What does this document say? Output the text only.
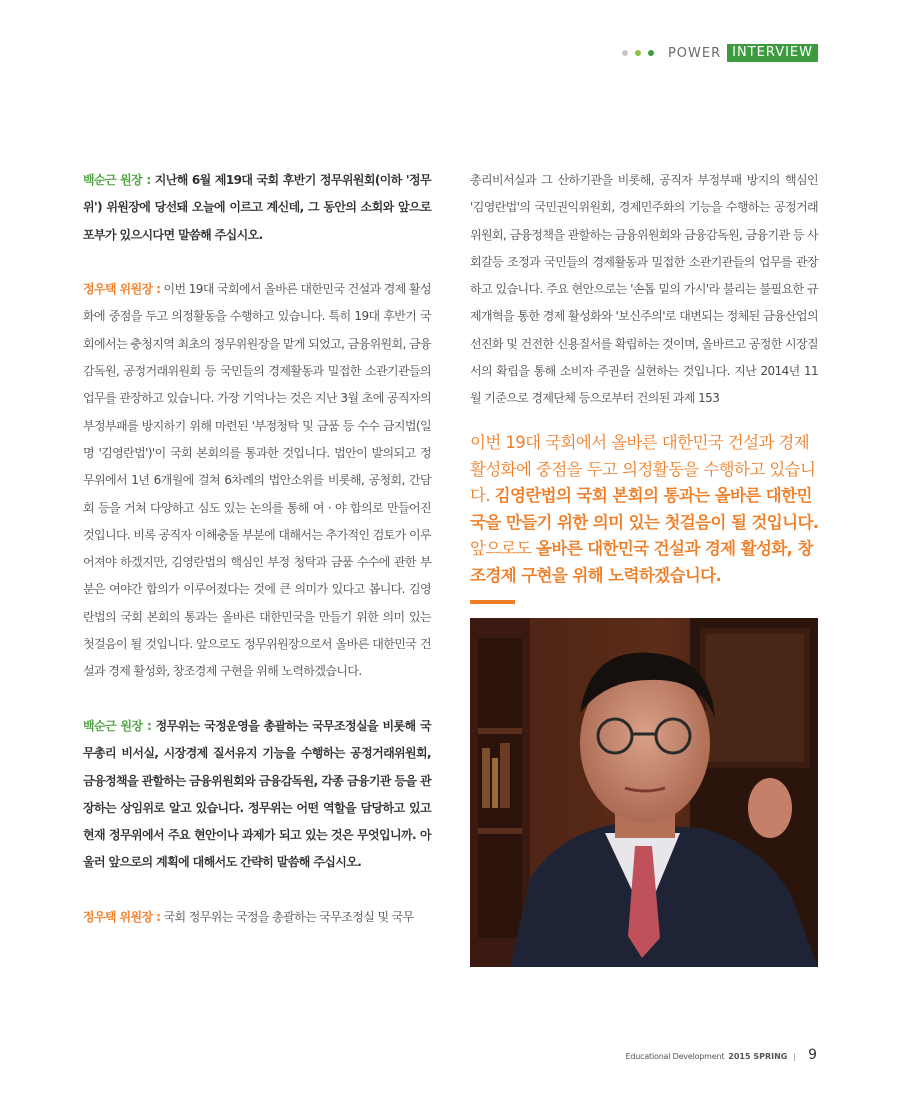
POWER INTERVIEW

백순근 원장 : 지난해 6월 제19대 국회 후반기 정무위원회(이하 '정무위') 위원장에 당선돼 오늘에 이르고 계신데, 그 동안의 소회와 앞으로 포부가 있으시다면 말씀해 주십시오.

정우택 위원장 : 이번 19대 국회에서 올바른 대한민국 건설과 경제 활성화에 중점을 두고 의정활동을 수행하고 있습니다. 특히 19대 후반기 국회에서는 충청지역 최초의 정무위원장을 맡게 되었고, 금융위원회, 금융감독원, 공정거래위원회 등 국민들의 경제활동과 밀접한 소관기관들의 업무를 관장하고 있습니다. 가장 기억나는 것은 지난 3월 초에 공직자의 부정부패를 방지하기 위해 마련된 '부정청탁 및 금품 등 수수 금지법(일명 '김영란법')'이 국회 본회의를 통과한 것입니다. 법안이 발의되고 정무위에서 1년 6개월에 걸쳐 6차례의 법안소위를 비롯해, 공청회, 간담회 등을 거쳐 다양하고 심도 있는 논의를 통해 여 · 야 합의로 만들어진 것입니다. 비록 공직자 이해충돌 부분에 대해서는 추가적인 검토가 이루어져야 하겠지만, 김영란법의 핵심인 부정 청탁과 금품 수수에 관한 부분은 여야간 합의가 이루어졌다는 것에 큰 의미가 있다고 봅니다. 김영란법의 국회 본회의 통과는 올바른 대한민국을 만들기 위한 의미 있는 첫걸음이 될 것입니다. 앞으로도 정무위원장으로서 올바른 대한민국 건설과 경제 활성화, 창조경제 구현을 위해 노력하겠습니다.

백순근 원장 : 정무위는 국정운영을 총괄하는 국무조정실을 비롯해 국무총리 비서실, 시장경제 질서유지 기능을 수행하는 공정거래위원회, 금융정책을 관할하는 금융위원회와 금융감독원, 각종 금융기관 등을 관장하는 상임위로 알고 있습니다. 정무위는 어떤 역할을 담당하고 있고 현재 정무위에서 주요 현안이나 과제가 되고 있는 것은 무엇입니까. 아울러 앞으로의 계획에 대해서도 간략히 말씀해 주십시오.

정우택 위원장 : 국회 정무위는 국정을 총괄하는 국무조정실 및 국무

총리비서실과 그 산하기관을 비롯해, 공직자 부정부패 방지의 핵심인 '김영란법'의 국민권익위원회, 경제민주화의 기능을 수행하는 공정거래위원회, 금융정책을 관할하는 금융위원회와 금융감독원, 금융기관 등 사회갈등 조정과 국민들의 경제활동과 밀접한 소관기관들의 업무를 관장하고 있습니다. 주요 현안으로는 '손톱 밑의 가시'라 불리는 불필요한 규제개혁을 통한 경제 활성화와 '보신주의'로 대변되는 정체된 금융산업의 선진화 및 건전한 신용질서를 확립하는 것이며, 올바르고 공정한 시장질서의 확립을 통해 소비자 주권을 실현하는 것입니다. 지난 2014년 11월 기준으로 경제단체 등으로부터 건의된 과제 153

이번 19대 국회에서 올바른 대한민국 건설과 경제 활성화에 중점을 두고 의정활동을 수행하고 있습니다. 김영란법의 국회 본회의 통과는 올바른 대한민국을 만들기 위한 의미 있는 첫걸음이 될 것입니다. 앞으로도 올바른 대한민국 건설과 경제 활성화, 창조경제 구현을 위해 노력하겠습니다.
Educational Development 2015 SPRING | 9
